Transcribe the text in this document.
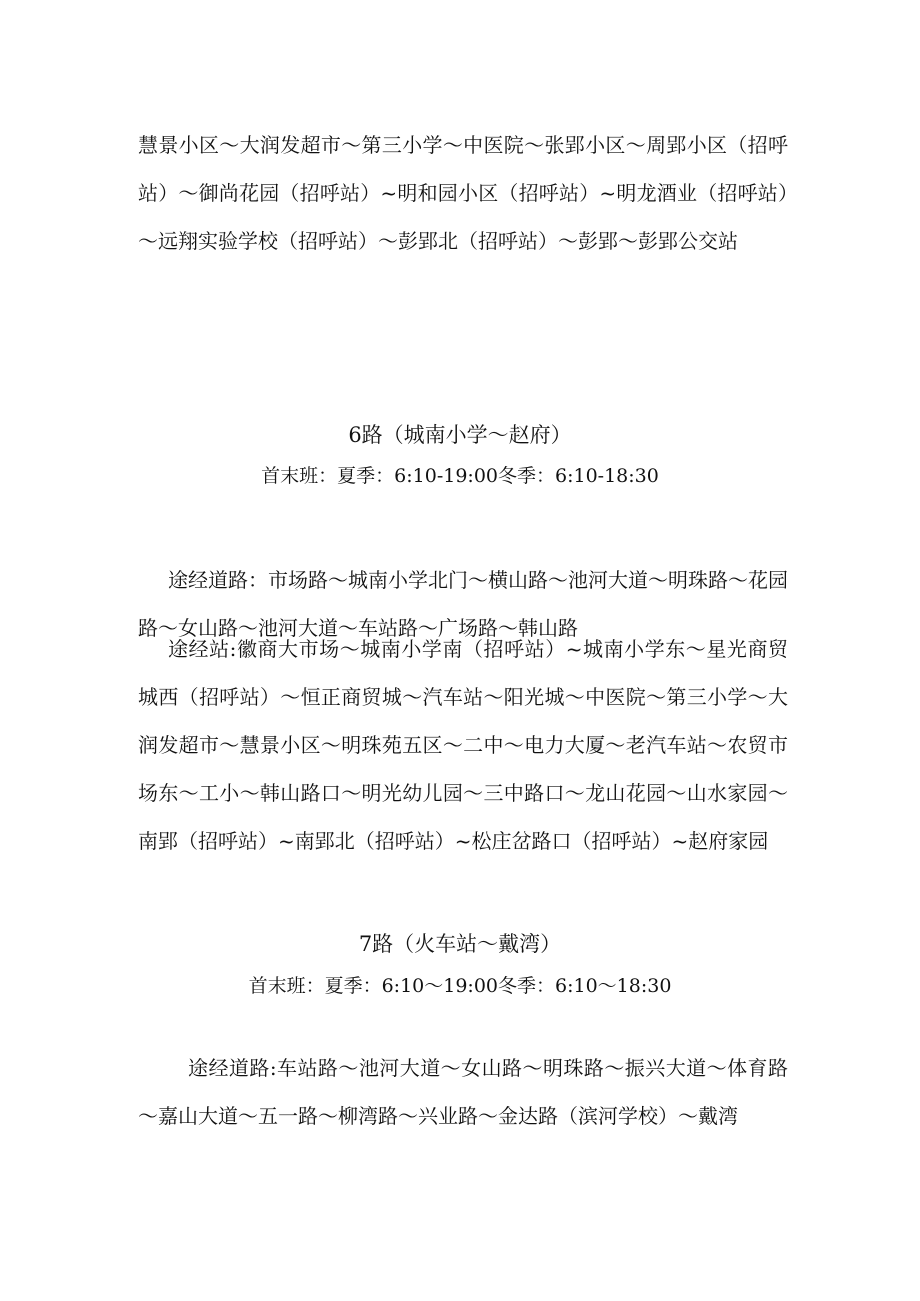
慧景小区～大润发超市～第三小学～中医院～张郢小区～周郢小区（招呼站）～御尚花园（招呼站）~明和园小区（招呼站）~明龙酒业（招呼站）～远翔实验学校（招呼站）～彭郢北（招呼站）～彭郢～彭郢公交站

6路（城南小学～赵府）

首末班：夏季：6:10-19:00冬季：6:10-18:30

途经道路：市场路～城南小学北门～横山路～池河大道～明珠路～花园路～女山路～池河大道～车站路～广场路～韩山路

途经站:徽商大市场～城南小学南（招呼站）~城南小学东～星光商贸城西（招呼站）～恒正商贸城～汽车站～阳光城～中医院～第三小学～大润发超市～慧景小区～明珠苑五区～二中～电力大厦～老汽车站～农贸市场东～工小～韩山路口～明光幼儿园～三中路口～龙山花园～山水家园～南郢（招呼站）~南郢北（招呼站）~松庄岔路口（招呼站）~赵府家园

7路（火车站～戴湾）

首末班：夏季：6:10～19:00冬季：6:10～18:30

途经道路:车站路～池河大道～女山路～明珠路～振兴大道～体育路～嘉山大道～五一路～柳湾路～兴业路～金达路（滨河学校）～戴湾
